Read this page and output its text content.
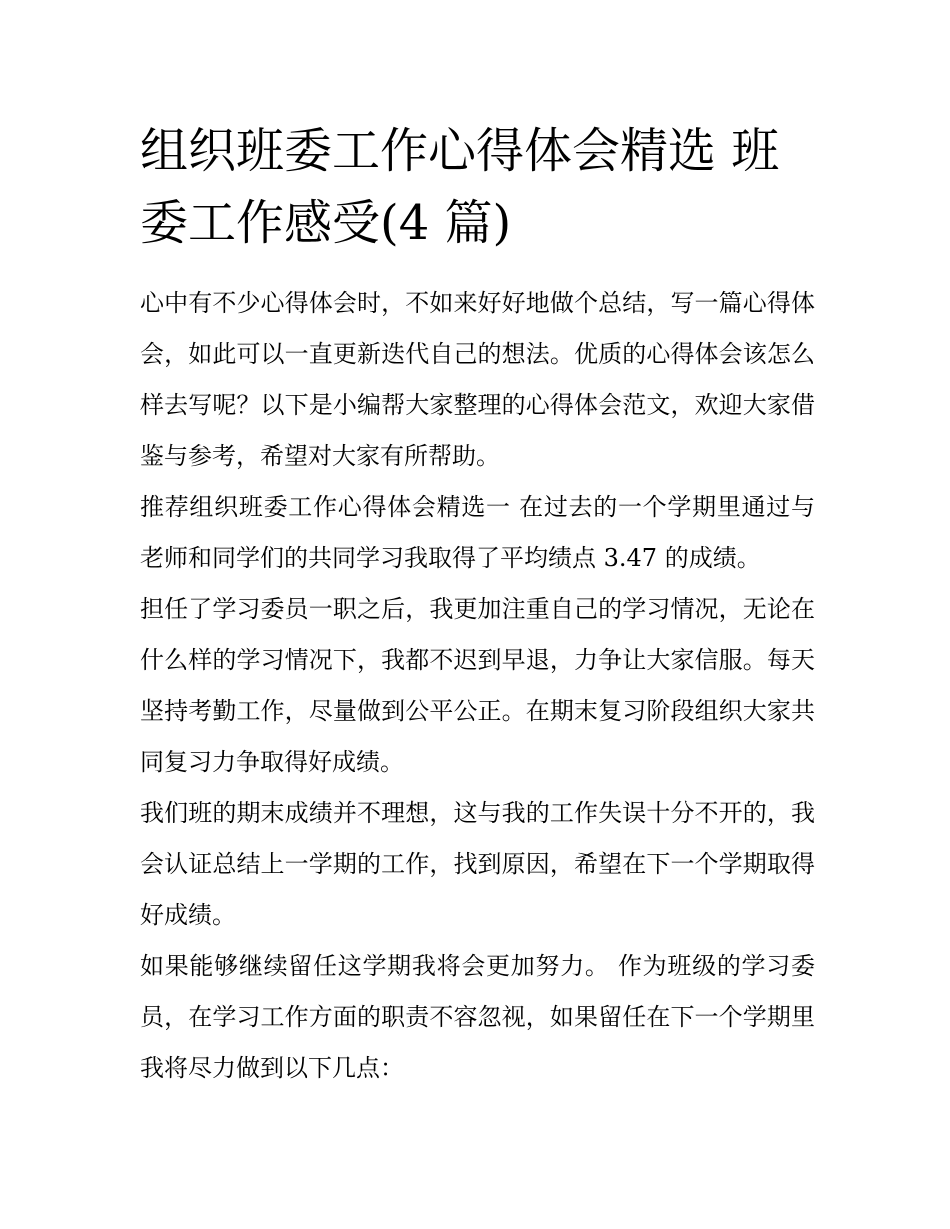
组织班委工作心得体会精选 班委工作感受(4 篇)

心中有不少心得体会时，不如来好好地做个总结，写一篇心得体会，如此可以一直更新迭代自己的想法。优质的心得体会该怎么样去写呢？以下是小编帮大家整理的心得体会范文，欢迎大家借鉴与参考，希望对大家有所帮助。

推荐组织班委工作心得体会精选一 在过去的一个学期里通过与老师和同学们的共同学习我取得了平均绩点 3.47 的成绩。

担任了学习委员一职之后，我更加注重自己的学习情况，无论在什么样的学习情况下，我都不迟到早退，力争让大家信服。每天坚持考勤工作，尽量做到公平公正。在期末复习阶段组织大家共同复习力争取得好成绩。

我们班的期末成绩并不理想，这与我的工作失误十分不开的，我会认证总结上一学期的工作，找到原因，希望在下一个学期取得好成绩。

如果能够继续留任这学期我将会更加努力。 作为班级的学习委员，在学习工作方面的职责不容忽视，如果留任在下一个学期里我将尽力做到以下几点：
